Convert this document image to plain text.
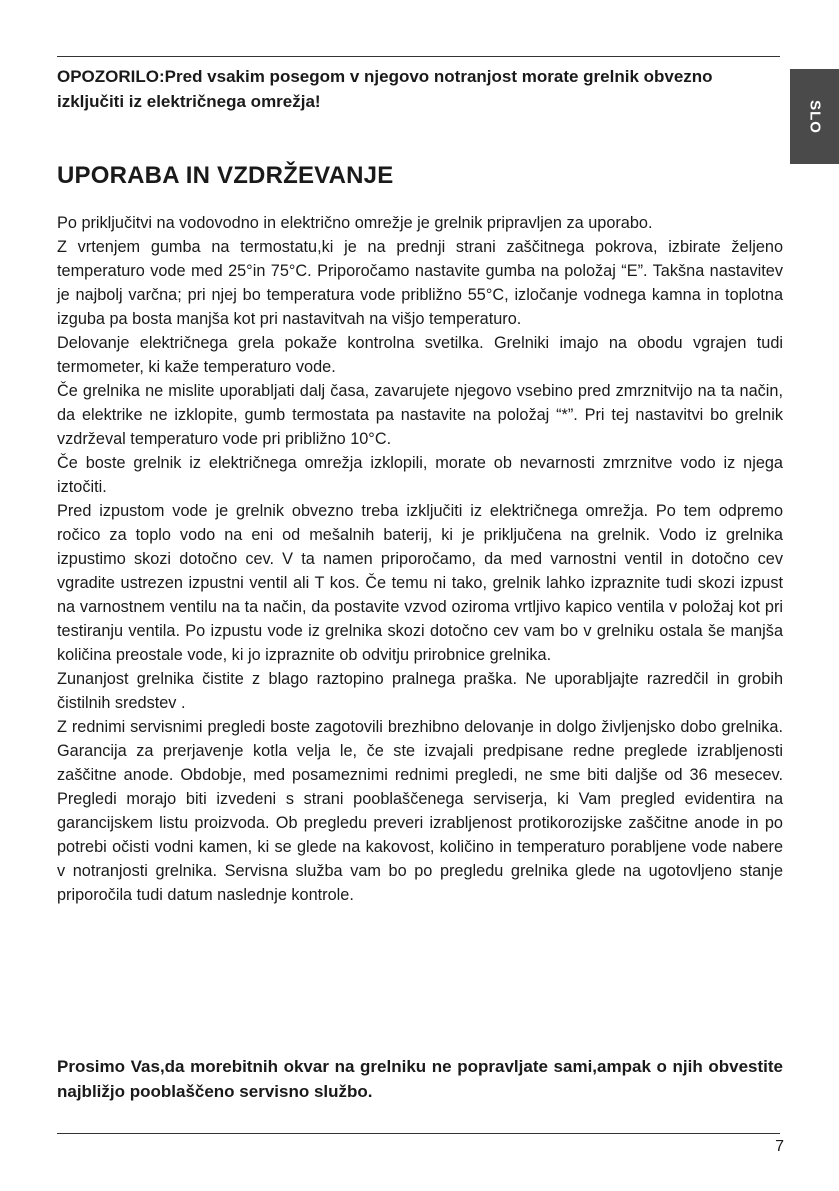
SLO
OPOZORILO:Pred vsakim posegom v njegovo notranjost morate grelnik obvezno izključiti iz električnega omrežja!
UPORABA IN VZDRŽEVANJE

Po priključitvi na vodovodno in električno omrežje je grelnik pripravljen za uporabo.

Z vrtenjem gumba na termostatu,ki je na prednji strani zaščitnega pokrova, izbirate željeno temperaturo vode med 25°in 75°C. Priporočamo nastavite gumba na položaj “E”. Takšna nastavitev je najbolj varčna; pri njej bo temperatura vode približno 55°C, izločanje vodnega kamna in toplotna izguba pa bosta manjša kot pri nastavitvah na višjo temperaturo.

Delovanje električnega grela pokaže kontrolna svetilka. Grelniki imajo na obodu vgrajen tudi termometer, ki kaže temperaturo vode.

Če grelnika ne mislite uporabljati dalj časa, zavarujete njegovo vsebino pred zmrznitvijo na ta način, da elektrike ne izklopite, gumb termostata pa nastavite na položaj “*”. Pri tej nastavitvi bo grelnik vzdrževal temperaturo vode pri približno 10°C.

Če boste grelnik iz električnega omrežja izklopili, morate ob nevarnosti zmrznitve vodo iz njega iztočiti.

Pred izpustom vode je grelnik obvezno treba izključiti iz električnega omrežja. Po tem odpremo ročico za toplo vodo na eni od mešalnih baterij, ki je priključena na grelnik. Vodo iz grelnika izpustimo skozi dotočno cev. V ta namen priporočamo, da med varnostni ventil in dotočno cev vgradite ustrezen izpustni ventil ali T kos. Če temu ni tako, grelnik lahko izpraznite tudi skozi izpust na varnostnem ventilu na ta način, da postavite vzvod oziroma vrtljivo kapico ventila v položaj kot pri testiranju ventila. Po izpustu vode iz grelnika skozi dotočno cev vam bo v grelniku ostala še manjša količina preostale vode, ki jo izpraznite ob odvitju prirobnice grelnika.

Zunanjost grelnika čistite z blago raztopino pralnega praška. Ne uporabljajte razredčil in grobih čistilnih sredstev .

Z rednimi servisnimi pregledi boste zagotovili brezhibno delovanje in dolgo življenjsko dobo grelnika. Garancija za prerjavenje kotla velja le, če ste izvajali predpisane redne preglede izrabljenosti zaščitne anode. Obdobje, med posameznimi rednimi pregledi, ne sme biti daljše od 36 mesecev. Pregledi morajo biti izvedeni s strani pooblaščenega serviserja, ki Vam pregled evidentira na garancijskem listu proizvoda. Ob pregledu preveri izrabljenost protikorozijske zaščitne anode in po potrebi očisti vodni kamen, ki se glede na kakovost, količino in temperaturo porabljene vode nabere v notranjosti grelnika. Servisna služba vam bo po pregledu grelnika glede na ugotovljeno stanje priporočila tudi datum naslednje kontrole.

Prosimo Vas,da morebitnih okvar na grelniku ne popravljate sami,ampak o njih obvestite najbližjo pooblaščeno servisno službo.
7
